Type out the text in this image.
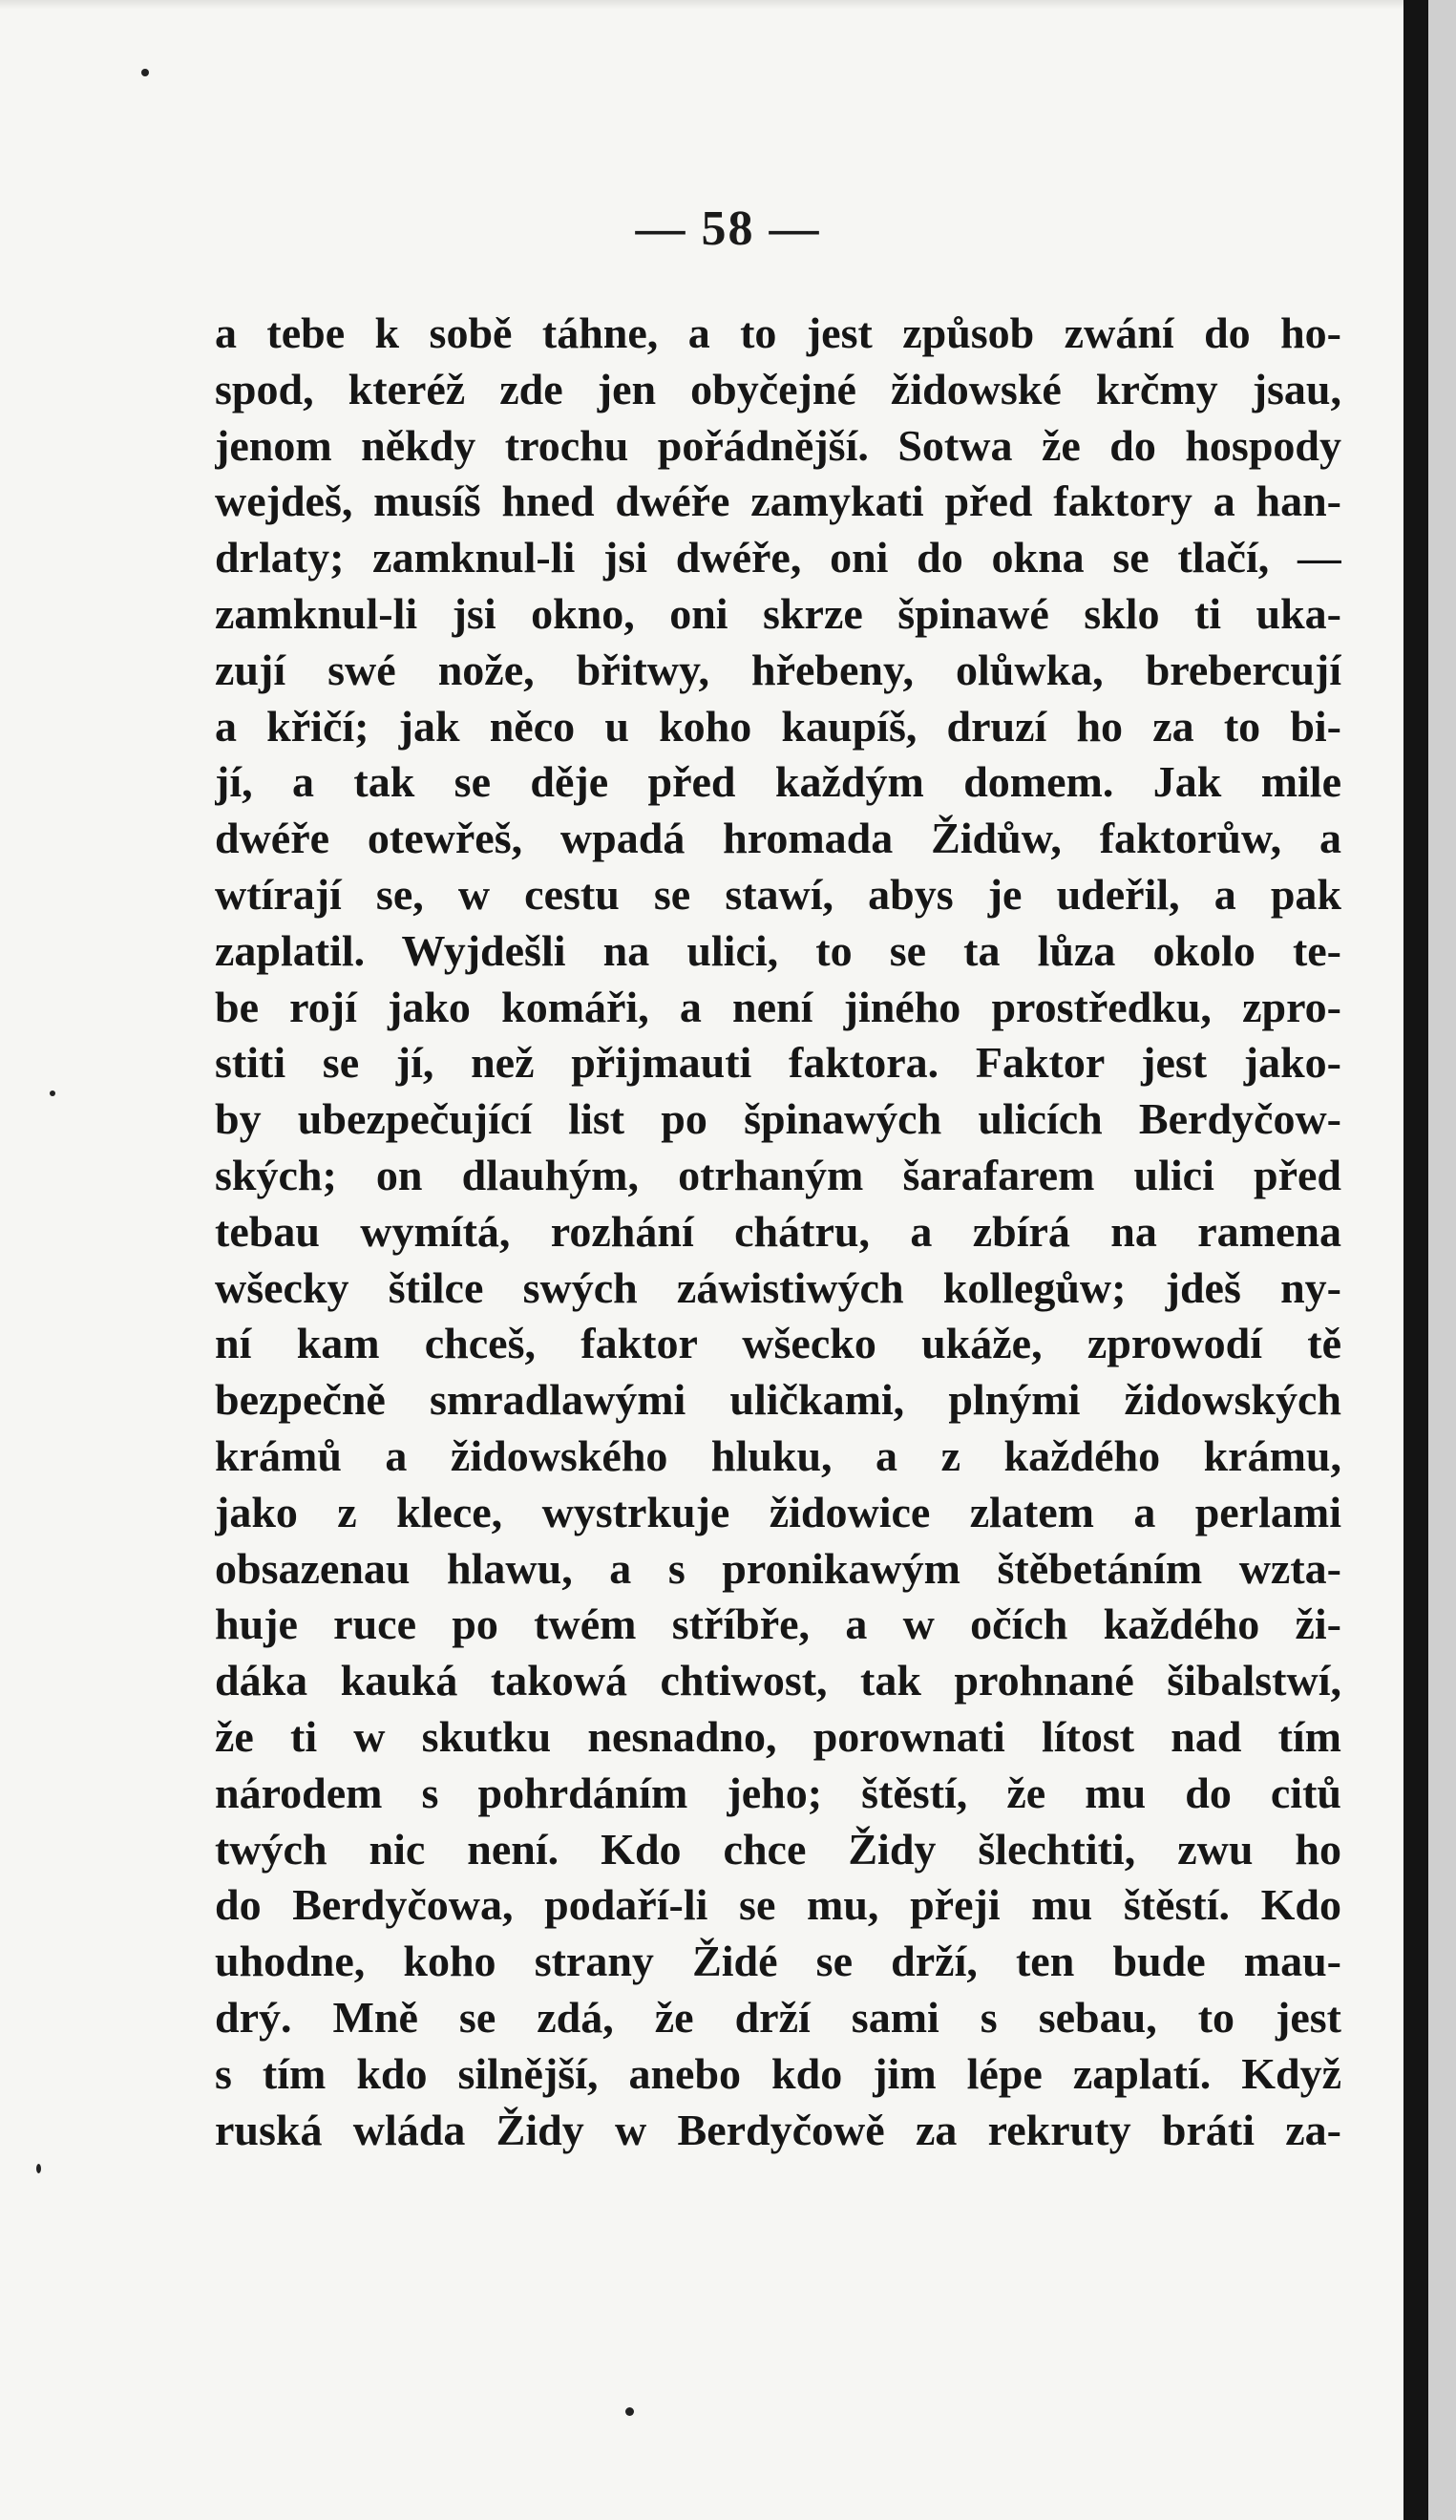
— 58 —
a tebe k sobě táhne, a to jest způsob zwání do ho-
spod, kteréž zde jen obyčejné židowské krčmy jsau,
jenom někdy trochu pořádnější. Sotwa že do hospody
wejdeš, musíš hned dwéře zamykati před faktory a han-
drlaty; zamknul-li jsi dwéře, oni do okna se tlačí, —
zamknul-li jsi okno, oni skrze špinawé sklo ti uka-
zují swé nože, břitwy, hřebeny, olůwka, brebercují
a křičí; jak něco u koho kaupíš, druzí ho za to bi-
jí, a tak se děje před každým domem. Jak mile
dwéře otewřeš, wpadá hromada Židůw, faktorůw, a
wtírají se, w cestu se stawí, abys je udeřil, a pak
zaplatil. Wyjdešli na ulici, to se ta lůza okolo te-
be rojí jako komáři, a není jiného prostředku, zpro-
stiti se jí, než přijmauti faktora. Faktor jest jako-
by ubezpečující list po špinawých ulicích Berdyčow-
ských; on dlauhým, otrhaným šarafarem ulici před
tebau wymítá, rozhání chátru, a zbírá na ramena
wšecky štilce swých záwistiwých kollegůw; jdeš ny-
ní kam chceš, faktor wšecko ukáže, zprowodí tě
bezpečně smradlawými uličkami, plnými židowských
krámů a židowského hluku, a z každého krámu,
jako z klece, wystrkuje židowice zlatem a perlami
obsazenau hlawu, a s pronikawým štěbetáním wzta-
huje ruce po twém stříbře, a w očích každého ži-
dáka kauká takowá chtiwost, tak prohnané šibalstwí,
že ti w skutku nesnadno, porownati lítost nad tím
národem s pohrdáním jeho; štěstí, že mu do citů
twých nic není. Kdo chce Židy šlechtiti, zwu ho
do Berdyčowa, podaří-li se mu, přeji mu štěstí. Kdo
uhodne, koho strany Židé se drží, ten bude mau-
drý. Mně se zdá, že drží sami s sebau, to jest
s tím kdo silnější, anebo kdo jim lépe zaplatí. Když
ruská wláda Židy w Berdyčowě za rekruty bráti za-
